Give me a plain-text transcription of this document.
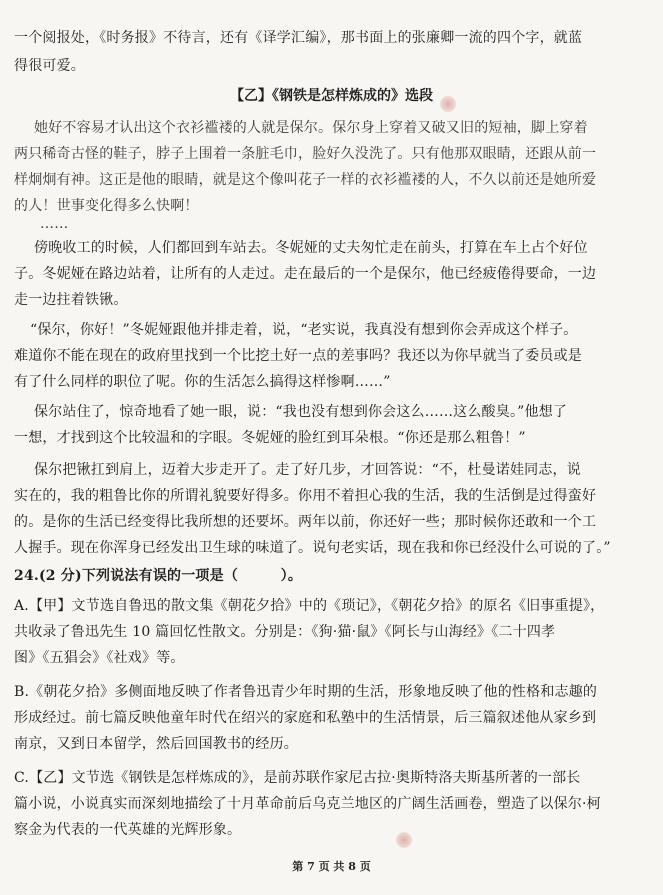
一个阅报处，《时务报》不待言，还有《译学汇编》，那书面上的张廉卿一流的四个字，就蓝
得很可爱。
【乙】《钢铁是怎样炼成的》选段
她好不容易才认出这个衣衫褴褛的人就是保尔。保尔身上穿着又破又旧的短袖，脚上穿着
两只稀奇古怪的鞋子，脖子上围着一条脏毛巾，脸好久没洗了。只有他那双眼睛，还跟从前一
样炯炯有神。这正是他的眼睛，就是这个像叫花子一样的衣衫褴褛的人，不久以前还是她所爱
的人！世事变化得多么快啊！
……
傍晚收工的时候，人们都回到车站去。冬妮娅的丈夫匆忙走在前头，打算在车上占个好位
子。冬妮娅在路边站着，让所有的人走过。走在最后的一个是保尔，他已经疲倦得要命，一边
走一边拄着铁锹。
“保尔，你好！”冬妮娅跟他并排走着，说，“老实说，我真没有想到你会弄成这个样子。
难道你不能在现在的政府里找到一个比挖土好一点的差事吗？我还以为你早就当了委员或是
有了什么同样的职位了呢。你的生活怎么搞得这样惨啊……”
保尔站住了，惊奇地看了她一眼，说：“我也没有想到你会这么……这么酸臭。”他想了
一想，才找到这个比较温和的字眼。冬妮娅的脸红到耳朵根。“你还是那么粗鲁！”
保尔把锹扛到肩上，迈着大步走开了。走了好几步，才回答说：“不，杜曼诺娃同志，说
实在的，我的粗鲁比你的所谓礼貌要好得多。你用不着担心我的生活，我的生活倒是过得蛮好
的。是你的生活已经变得比我所想的还要坏。两年以前，你还好一些；那时候你还敢和一个工
人握手。现在你浑身已经发出卫生球的味道了。说句老实话，现在我和你已经没什么可说的了。”
24.(2 分)下列说法有误的一项是（　　　）。
A.【甲】文节选自鲁迅的散文集《朝花夕拾》中的《琐记》，《朝花夕拾》的原名《旧事重提》，
共收录了鲁迅先生 10 篇回忆性散文。分别是：《狗·猫·鼠》《阿长与山海经》《二十四孝
图》《五猖会》《社戏》等。
B.《朝花夕拾》多侧面地反映了作者鲁迅青少年时期的生活，形象地反映了他的性格和志趣的
形成经过。前七篇反映他童年时代在绍兴的家庭和私塾中的生活情景，后三篇叙述他从家乡到
南京，又到日本留学，然后回国教书的经历。
C.【乙】文节选《钢铁是怎样炼成的》，是前苏联作家尼古拉·奥斯特洛夫斯基所著的一部长
篇小说，小说真实而深刻地描绘了十月革命前后乌克兰地区的广阔生活画卷，塑造了以保尔·柯
察金为代表的一代英雄的光辉形象。
第 7 页 共 8 页
